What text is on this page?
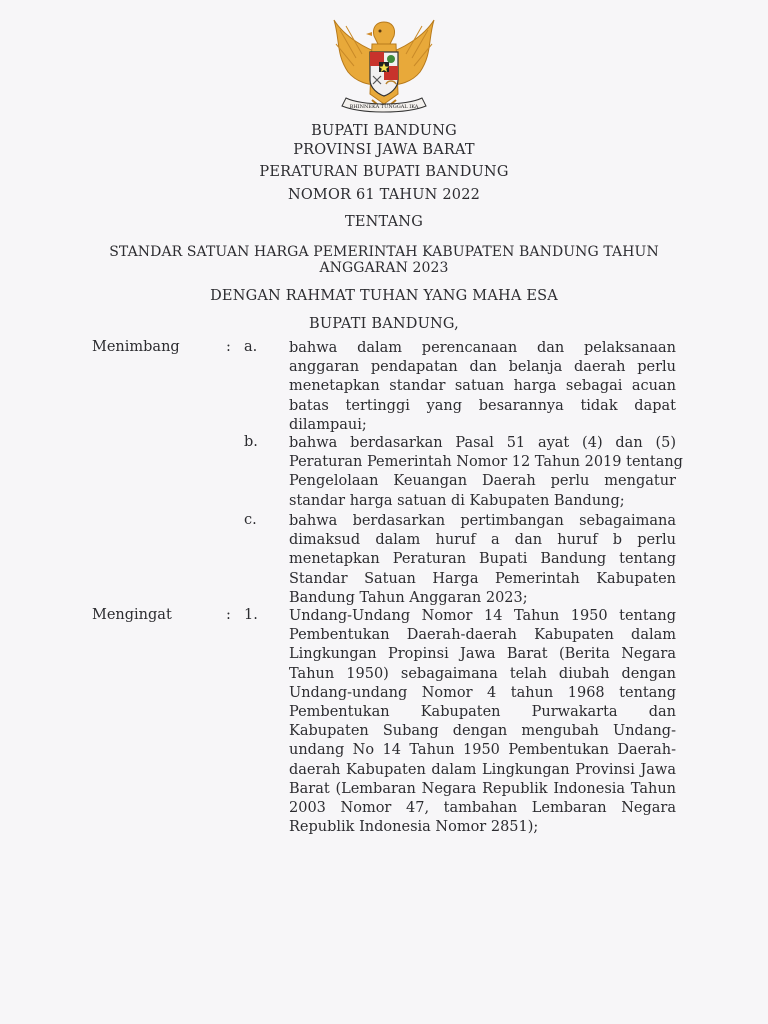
BHINNEKA TUNGGAL IKA
BUPATI BANDUNG
PROVINSI JAWA BARAT
PERATURAN BUPATI BANDUNG
NOMOR 61 TAHUN 2022
TENTANG
STANDAR SATUAN HARGA PEMERINTAH KABUPATEN BANDUNG TAHUN
ANGGARAN 2023
DENGAN RAHMAT TUHAN YANG MAHA ESA
BUPATI BANDUNG,
Menimbang	: a. bahwa dalam perencanaan dan pelaksanaan
anggaran pendapatan dan belanja daerah perlu
menetapkan standar satuan harga sebagai acuan
batas tertinggi yang besarannya tidak dapat
dilampaui;
b. bahwa berdasarkan Pasal 51 ayat (4) dan (5)
Peraturan Pemerintah Nomor 12 Tahun 2019 tentang
Pengelolaan Keuangan Daerah perlu mengatur
standar harga satuan di Kabupaten Bandung;
c. bahwa berdasarkan pertimbangan sebagaimana
dimaksud dalam huruf a dan huruf b perlu
menetapkan Peraturan Bupati Bandung tentang
Standar Satuan Harga Pemerintah Kabupaten
Bandung Tahun Anggaran 2023;
Mengingat	: 1. Undang-Undang Nomor 14 Tahun 1950 tentang
Pembentukan Daerah-daerah Kabupaten dalam
Lingkungan Propinsi Jawa Barat (Berita Negara
Tahun 1950) sebagaimana telah diubah dengan
Undang-undang Nomor 4 tahun 1968 tentang
Pembentukan Kabupaten Purwakarta dan
Kabupaten Subang dengan mengubah Undang-
undang No 14 Tahun 1950 Pembentukan Daerah-
daerah Kabupaten dalam Lingkungan Provinsi Jawa
Barat (Lembaran Negara Republik Indonesia Tahun
2003 Nomor 47, tambahan Lembaran Negara
Republik Indonesia Nomor 2851);
